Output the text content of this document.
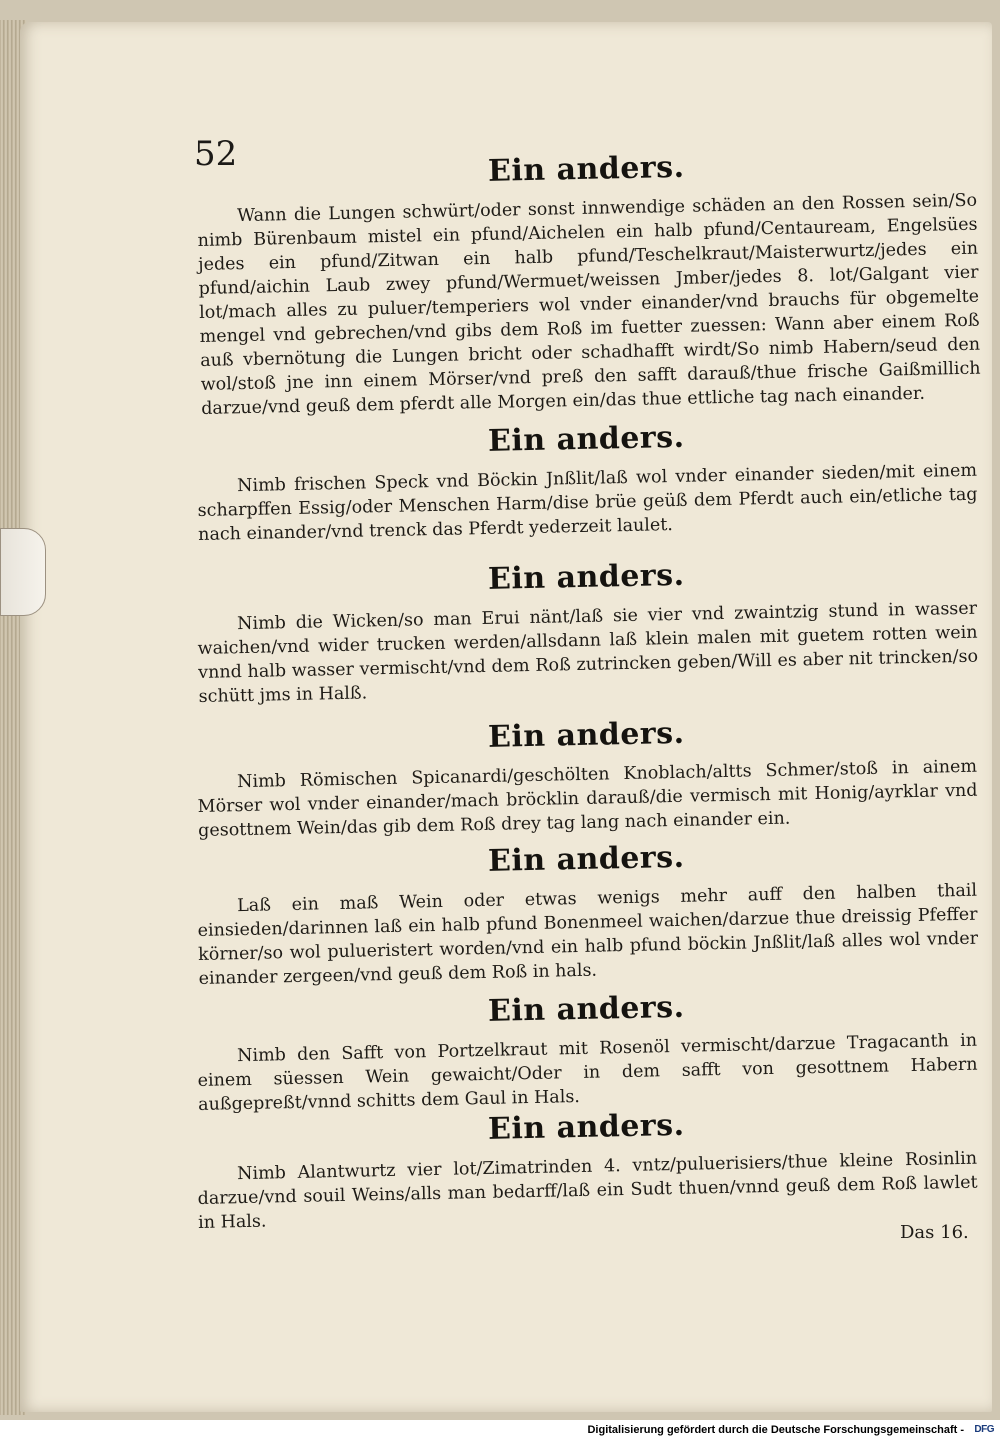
52	Ein anders.

Wann die Lungen schwürt/oder sonst innwendige schäden an den Rossen sein/So nimb Bürenbaum mistel ein pfund/Aichelen ein halb pfund/Centauream, Engelsües jedes ein pfund/Zitwan ein halb pfund/Teschelkraut/Maisterwurtz/jedes ein pfund/aichin Laub zwey pfund/Wermuet/weissen Jmber/jedes 8. lot/Galgant vier lot/mach alles zu puluer/temperiers wol vnder einander/vnd brauchs für obgemelte mengel vnd gebrechen/vnd gibs dem Roß im fuetter zuessen: Wann aber einem Roß auß vbernötung die Lungen bricht oder schadhafft wirdt/So nimb Habern/seud den wol/stoß jne inn einem Mörser/vnd preß den safft darauß/thue frische Gaißmillich darzue/vnd geuß dem pferdt alle Morgen ein/das thue ettliche tag nach einander.

Ein anders.

Nimb frischen Speck vnd Böckin Jnßlit/laß wol vnder einander sieden/mit einem scharpffen Essig/oder Menschen Harm/dise brüe geüß dem Pferdt auch ein/etliche tag nach einander/vnd trenck das Pferdt yederzeit laulet.

Ein anders.

Nimb die Wicken/so man Erui nänt/laß sie vier vnd zwaintzig stund in wasser waichen/vnd wider trucken werden/allsdann laß klein malen mit guetem rotten wein vnnd halb wasser vermischt/vnd dem Roß zutrincken geben/Will es aber nit trincken/so schütt jms in Halß.

Ein anders.

Nimb Römischen Spicanardi/geschölten Knoblach/altts Schmer/stoß in ainem Mörser wol vnder einander/mach bröcklin darauß/die vermisch mit Honig/ayrklar vnd gesottnem Wein/das gib dem Roß drey tag lang nach einander ein.

Ein anders.

Laß ein maß Wein oder etwas wenigs mehr auff den halben thail einsieden/darinnen laß ein halb pfund Bonenmeel waichen/darzue thue dreissig Pfeffer körner/so wol pulueristert worden/vnd ein halb pfund böckin Jnßlit/laß alles wol vnder einander zergeen/vnd geuß dem Roß in hals.

Ein anders.

Nimb den Safft von Portzelkraut mit Rosenöl vermischt/darzue Tragacanth in einem süessen Wein gewaicht/Oder in dem safft von gesottnem Habern außgepreßt/vnnd schitts dem Gaul in Hals.

Ein anders.

Nimb Alantwurtz vier lot/Zimatrinden 4. vntz/puluerisiers/thue kleine Rosinlin darzue/vnd souil Weins/alls man bedarff/laß ein Sudt thuen/vnnd geuß dem Roß lawlet in Hals.	Das 16.
Digitalisierung gefördert durch die Deutsche Forschungsgemeinschaft - DFG
